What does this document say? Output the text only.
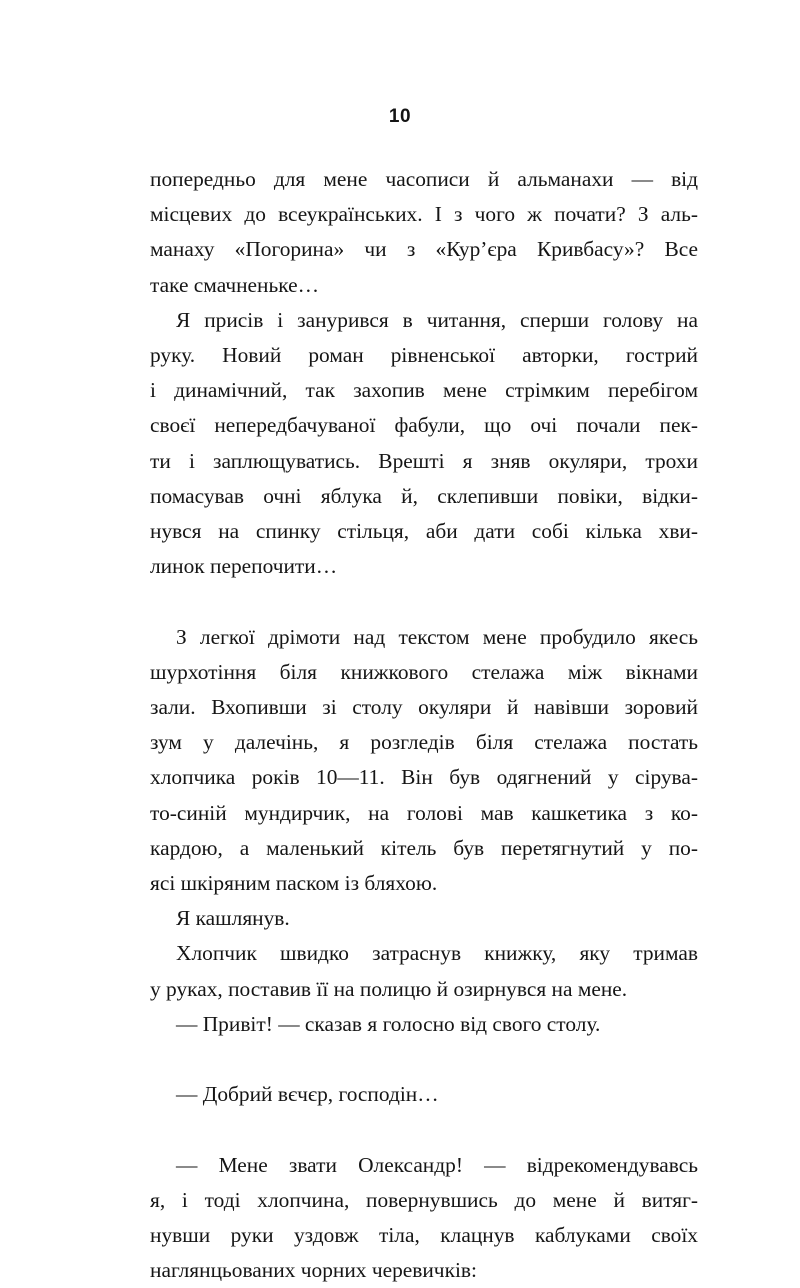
10

попередньо для мене часописи й альманахи — від
місцевих до всеукраїнських. І з чого ж почати? З аль-
манаху «Погорина» чи з «Кур’єра Кривбасу»? Все
таке смачненьке…

Я присів і занурився в читання, сперши голову на
руку. Новий роман рівненської авторки, гострий
і динамічний, так захопив мене стрімким перебігом
своєї непередбачуваної фабули, що очі почали пек-
ти і заплющуватись. Врешті я зняв окуляри, трохи
помасував очні яблука й, склепивши повіки, відки-
нувся на спинку стільця, аби дати собі кілька хви-
линок перепочити…

З легкої дрімоти над текстом мене пробудило якесь
шурхотіння біля книжкового стелажа між вікнами
зали. Вхопивши зі столу окуляри й навівши зоровий
зум у далечінь, я розгледів біля стелажа постать
хлопчика років 10—11. Він був одягнений у сірува-
то-синій мундирчик, на голові мав кашкетика з ко-
кардою, а маленький кітель був перетягнутий у по-
ясі шкіряним паском із бляхою.

Я кашлянув.

Хлопчик швидко затраснув книжку, яку тримав
у руках, поставив її на полицю й озирнувся на мене.

— Привіт! — сказав я голосно від свого столу.

— Добрий вєчєр, господін…

— Мене звати Олександр! — відрекомендувавсь
я, і тоді хлопчина, повернувшись до мене й витяг-
нувши руки уздовж тіла, клацнув каблуками своїх
наглянцьованих чорних черевичків:
